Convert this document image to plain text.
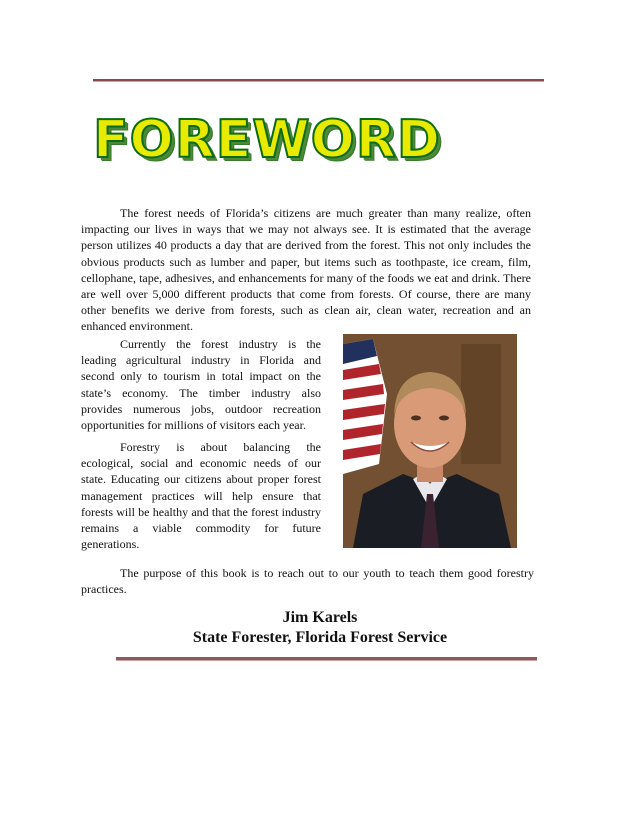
FOREWORD

The forest needs of Florida’s citizens are much greater than many realize, often impacting our lives in ways that we may not always see. It is estimated that the average person utilizes 40 products a day that are derived from the forest. This not only includes the obvious products such as lumber and paper, but items such as toothpaste, ice cream, film, cellophane, tape, adhesives, and enhancements for many of the foods we eat and drink. There are well over 5,000 different products that come from forests. Of course, there are many other benefits we derive from forests, such as clean air, clean water, recreation and an enhanced environment.

Currently the forest industry is the leading agricultural industry in Florida and second only to tourism in total impact on the state’s economy. The timber industry also provides numerous jobs, outdoor recreation opportunities for millions of visitors each year.

Forestry is about balancing the ecological, social and economic needs of our state. Educating our citizens about proper forest management practices will help ensure that forests will be healthy and that the forest industry remains a viable commodity for future generations.

The purpose of this book is to reach out to our youth to teach them good forestry practices.

Jim Karels

State Forester, Florida Forest Service
